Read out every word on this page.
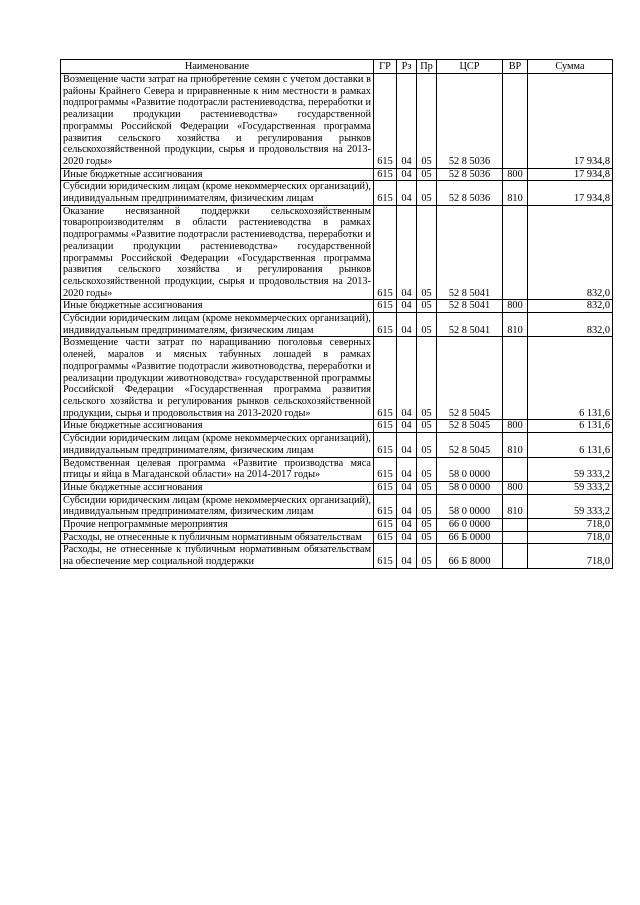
Наименование	ГР	Рз	Пр	ЦСР	ВР	Сумма
Возмещение части затрат на приобретение семян с учетом доставки в районы Крайнего Севера и приравненные к ним местности в рамках подпрограммы «Развитие подотрасли растениеводства, переработки и реализации продукции растениеводства» государственной программы Российской Федерации «Государственная программа развития сельского хозяйства и регулирования рынков сельскохозяйственной продукции, сырья и продовольствия на 2013-2020 годы»	615	04	05	52 8 5036		17 934,8
Иные бюджетные ассигнования	615	04	05	52 8 5036	800	17 934,8
Субсидии юридическим лицам (кроме некоммерческих организаций), индивидуальным предпринимателям, физическим лицам	615	04	05	52 8 5036	810	17 934,8
Оказание несвязанной поддержки сельскохозяйственным товаропроизводителям в области растениеводства в рамках подпрограммы «Развитие подотрасли растениеводства, переработки и реализации продукции растениеводства» государственной программы Российской Федерации «Государственная программа развития сельского хозяйства и регулирования рынков сельскохозяйственной продукции, сырья и продовольствия на 2013-2020 годы»	615	04	05	52 8 5041		832,0
Иные бюджетные ассигнования	615	04	05	52 8 5041	800	832,0
Субсидии юридическим лицам (кроме некоммерческих организаций), индивидуальным предпринимателям, физическим лицам	615	04	05	52 8 5041	810	832,0
Возмещение части затрат по наращиванию поголовья северных оленей, маралов и мясных табунных лошадей в рамках подпрограммы «Развитие подотрасли животноводства, переработки и реализации продукции животноводства» государственной программы Российской Федерации «Государственная программа развития сельского хозяйства и регулирования рынков сельскохозяйственной продукции, сырья и продовольствия на 2013-2020 годы»	615	04	05	52 8 5045		6 131,6
Иные бюджетные ассигнования	615	04	05	52 8 5045	800	6 131,6
Субсидии юридическим лицам (кроме некоммерческих организаций), индивидуальным предпринимателям, физическим лицам	615	04	05	52 8 5045	810	6 131,6
Ведомственная целевая программа «Развитие производства мяса птицы и яйца в Магаданской области» на 2014-2017 годы»	615	04	05	58 0 0000		59 333,2
Иные бюджетные ассигнования	615	04	05	58 0 0000	800	59 333,2
Субсидии юридическим лицам (кроме некоммерческих организаций), индивидуальным предпринимателям, физическим лицам	615	04	05	58 0 0000	810	59 333,2
Прочие непрограммные мероприятия	615	04	05	66 0 0000		718,0
Расходы, не отнесенные к публичным нормативным обязательствам	615	04	05	66 Б 0000		718,0
Расходы, не отнесенные к публичным нормативным обязательствам на обеспечение мер социальной поддержки	615	04	05	66 Б 8000		718,0
